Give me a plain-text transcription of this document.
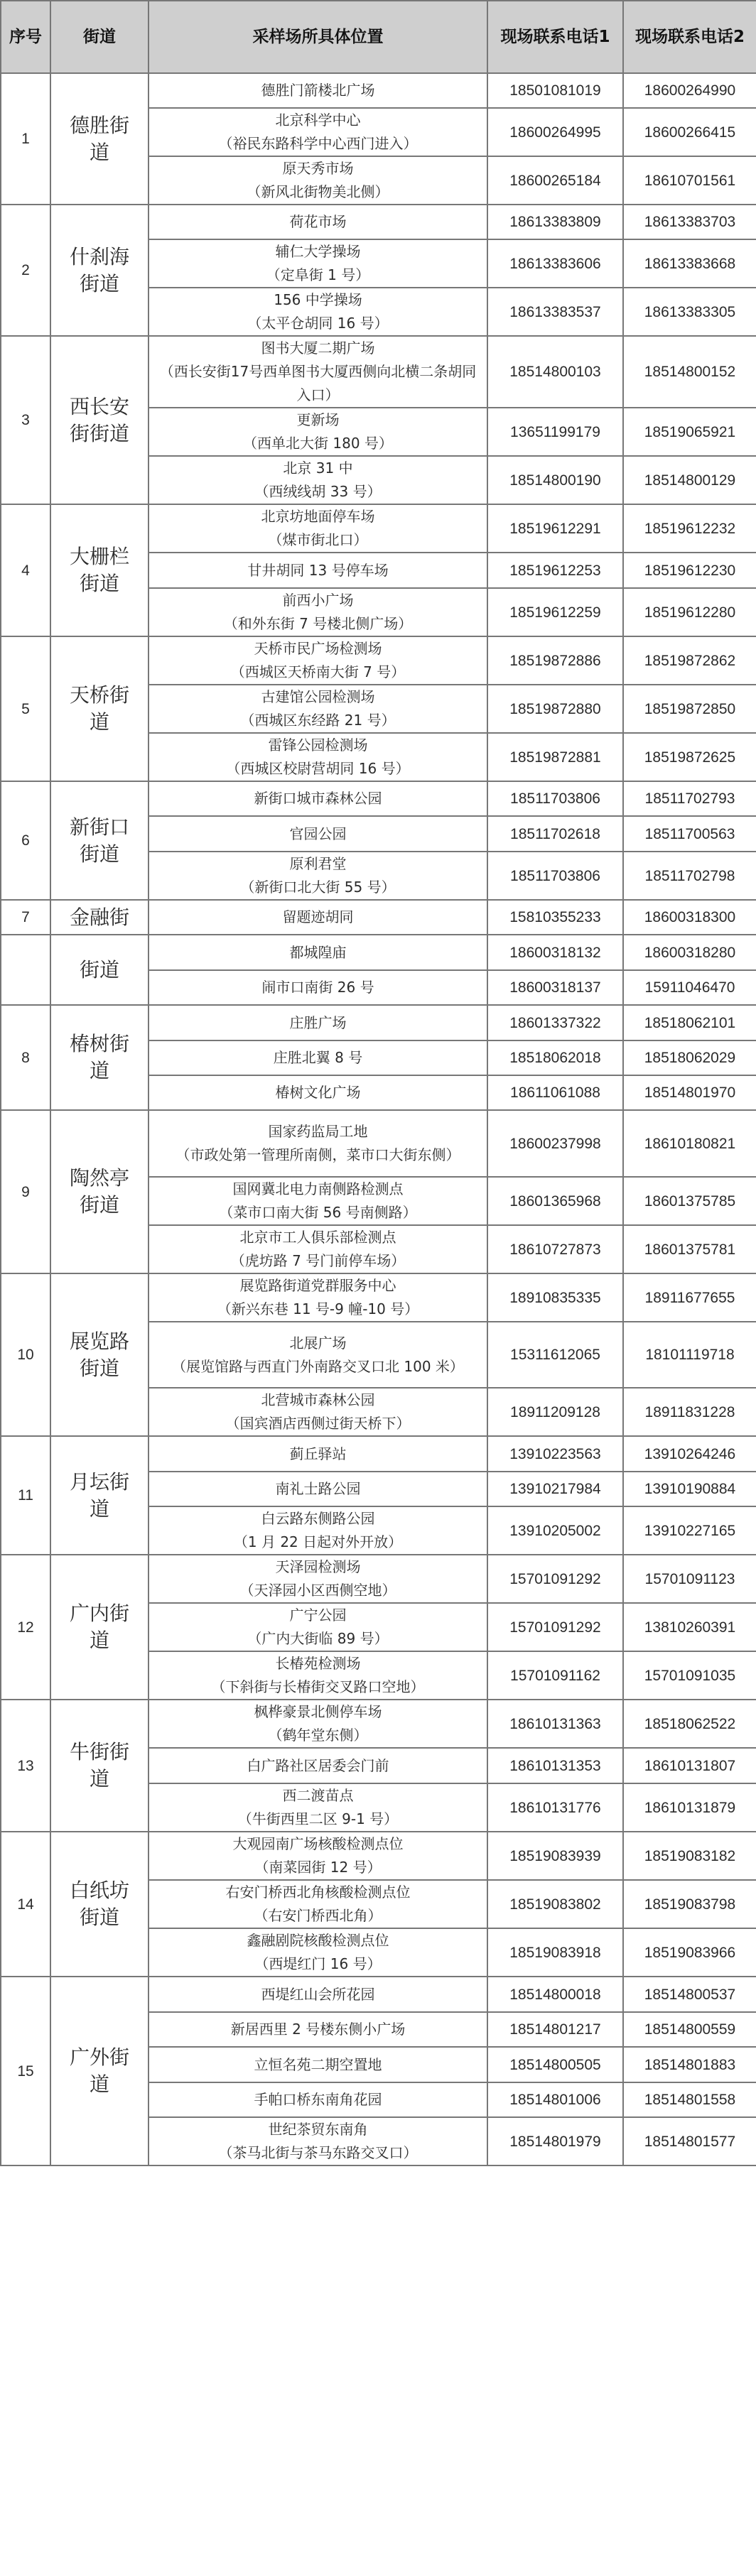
序号	街道	采样场所具体位置	现场联系电话1	现场联系电话2
1	德胜街道	德胜门箭楼北广场	18501081019	18600264990

		北京科学中心
（裕民东路科学中心西门进入）	18600264995	18600266415

		原天秀市场
（新风北街物美北侧）	18600265184	18610701561
2	什刹海街道	荷花市场	18613383809	18613383703

		辅仁大学操场
（定阜街 1 号）	18613383606	18613383668

		156 中学操场
（太平仓胡同 16 号）	18613383537	18613383305
3	西长安街街道	图书大厦二期广场
（西长安街17号西单图书大厦西侧向北横二条胡同入口）	18514800103	18514800152

		更新场
（西单北大街 180 号）	13651199179	18519065921

		北京 31 中
（西绒线胡 33 号）	18514800190	18514800129
4	大栅栏街道	北京坊地面停车场
（煤市街北口）	18519612291	18519612232

		甘井胡同 13 号停车场	18519612253	18519612230

		前西小广场
（和外东街 7 号楼北侧广场）	18519612259	18519612280
5	天桥街道	天桥市民广场检测场
（西城区天桥南大街 7 号）	18519872886	18519872862

		古建馆公园检测场
（西城区东经路 21 号）	18519872880	18519872850

		雷锋公园检测场
（西城区校尉营胡同 16 号）	18519872881	18519872625
6	新街口街道	新街口城市森林公园	18511703806	18511702793

		官园公园	18511702618	18511700563

		原利君堂
（新街口北大街 55 号）	18511703806	18511702798
7	金融街	留题迹胡同	15810355233	18600318300
	街道	都城隍庙	18600318132	18600318280

		闹市口南街 26 号	18600318137	15911046470
8	椿树街道	庄胜广场	18601337322	18518062101

		庄胜北翼 8 号	18518062018	18518062029

		椿树文化广场	18611061088	18514801970
9	陶然亭街道	国家药监局工地
（市政处第一管理所南侧，菜市口大街东侧）	18600237998	18610180821

		国网冀北电力南侧路检测点
（菜市口南大街 56 号南侧路）	18601365968	18601375785

		北京市工人俱乐部检测点
（虎坊路 7 号门前停车场）	18610727873	18601375781
10	展览路街道	展览路街道党群服务中心
（新兴东巷 11 号-9 幢-10 号）	18910835335	18911677655

		北展广场
（展览馆路与西直门外南路交叉口北 100 米）	15311612065	18101119718

		北营城市森林公园
（国宾酒店西侧过街天桥下）	18911209128	18911831228
11	月坛街道	蓟丘驿站	13910223563	13910264246

		南礼士路公园	13910217984	13910190884

		白云路东侧路公园
（1 月 22 日起对外开放）	13910205002	13910227165
12	广内街道	天泽园检测场
（天泽园小区西侧空地）	15701091292	15701091123

		广宁公园
（广内大街临 89 号）	15701091292	13810260391

		长椿苑检测场
（下斜街与长椿街交叉路口空地）	15701091162	15701091035
13	牛街街道	枫桦豪景北侧停车场
（鹤年堂东侧）	18610131363	18518062522

		白广路社区居委会门前	18610131353	18610131807

		西二渡苗点
（牛街西里二区 9-1 号）	18610131776	18610131879
14	白纸坊街道	大观园南广场核酸检测点位
（南菜园街 12 号）	18519083939	18519083182

		右安门桥西北角核酸检测点位
（右安门桥西北角）	18519083802	18519083798

		鑫融剧院核酸检测点位
（西堤红门 16 号）	18519083918	18519083966
15	广外街道	西堤红山会所花园	18514800018	18514800537

		新居西里 2 号楼东侧小广场	18514801217	18514800559

		立恒名苑二期空置地	18514800505	18514801883

		手帕口桥东南角花园	18514801006	18514801558

		世纪茶贸东南角
（茶马北街与茶马东路交叉口）	18514801979	18514801577
